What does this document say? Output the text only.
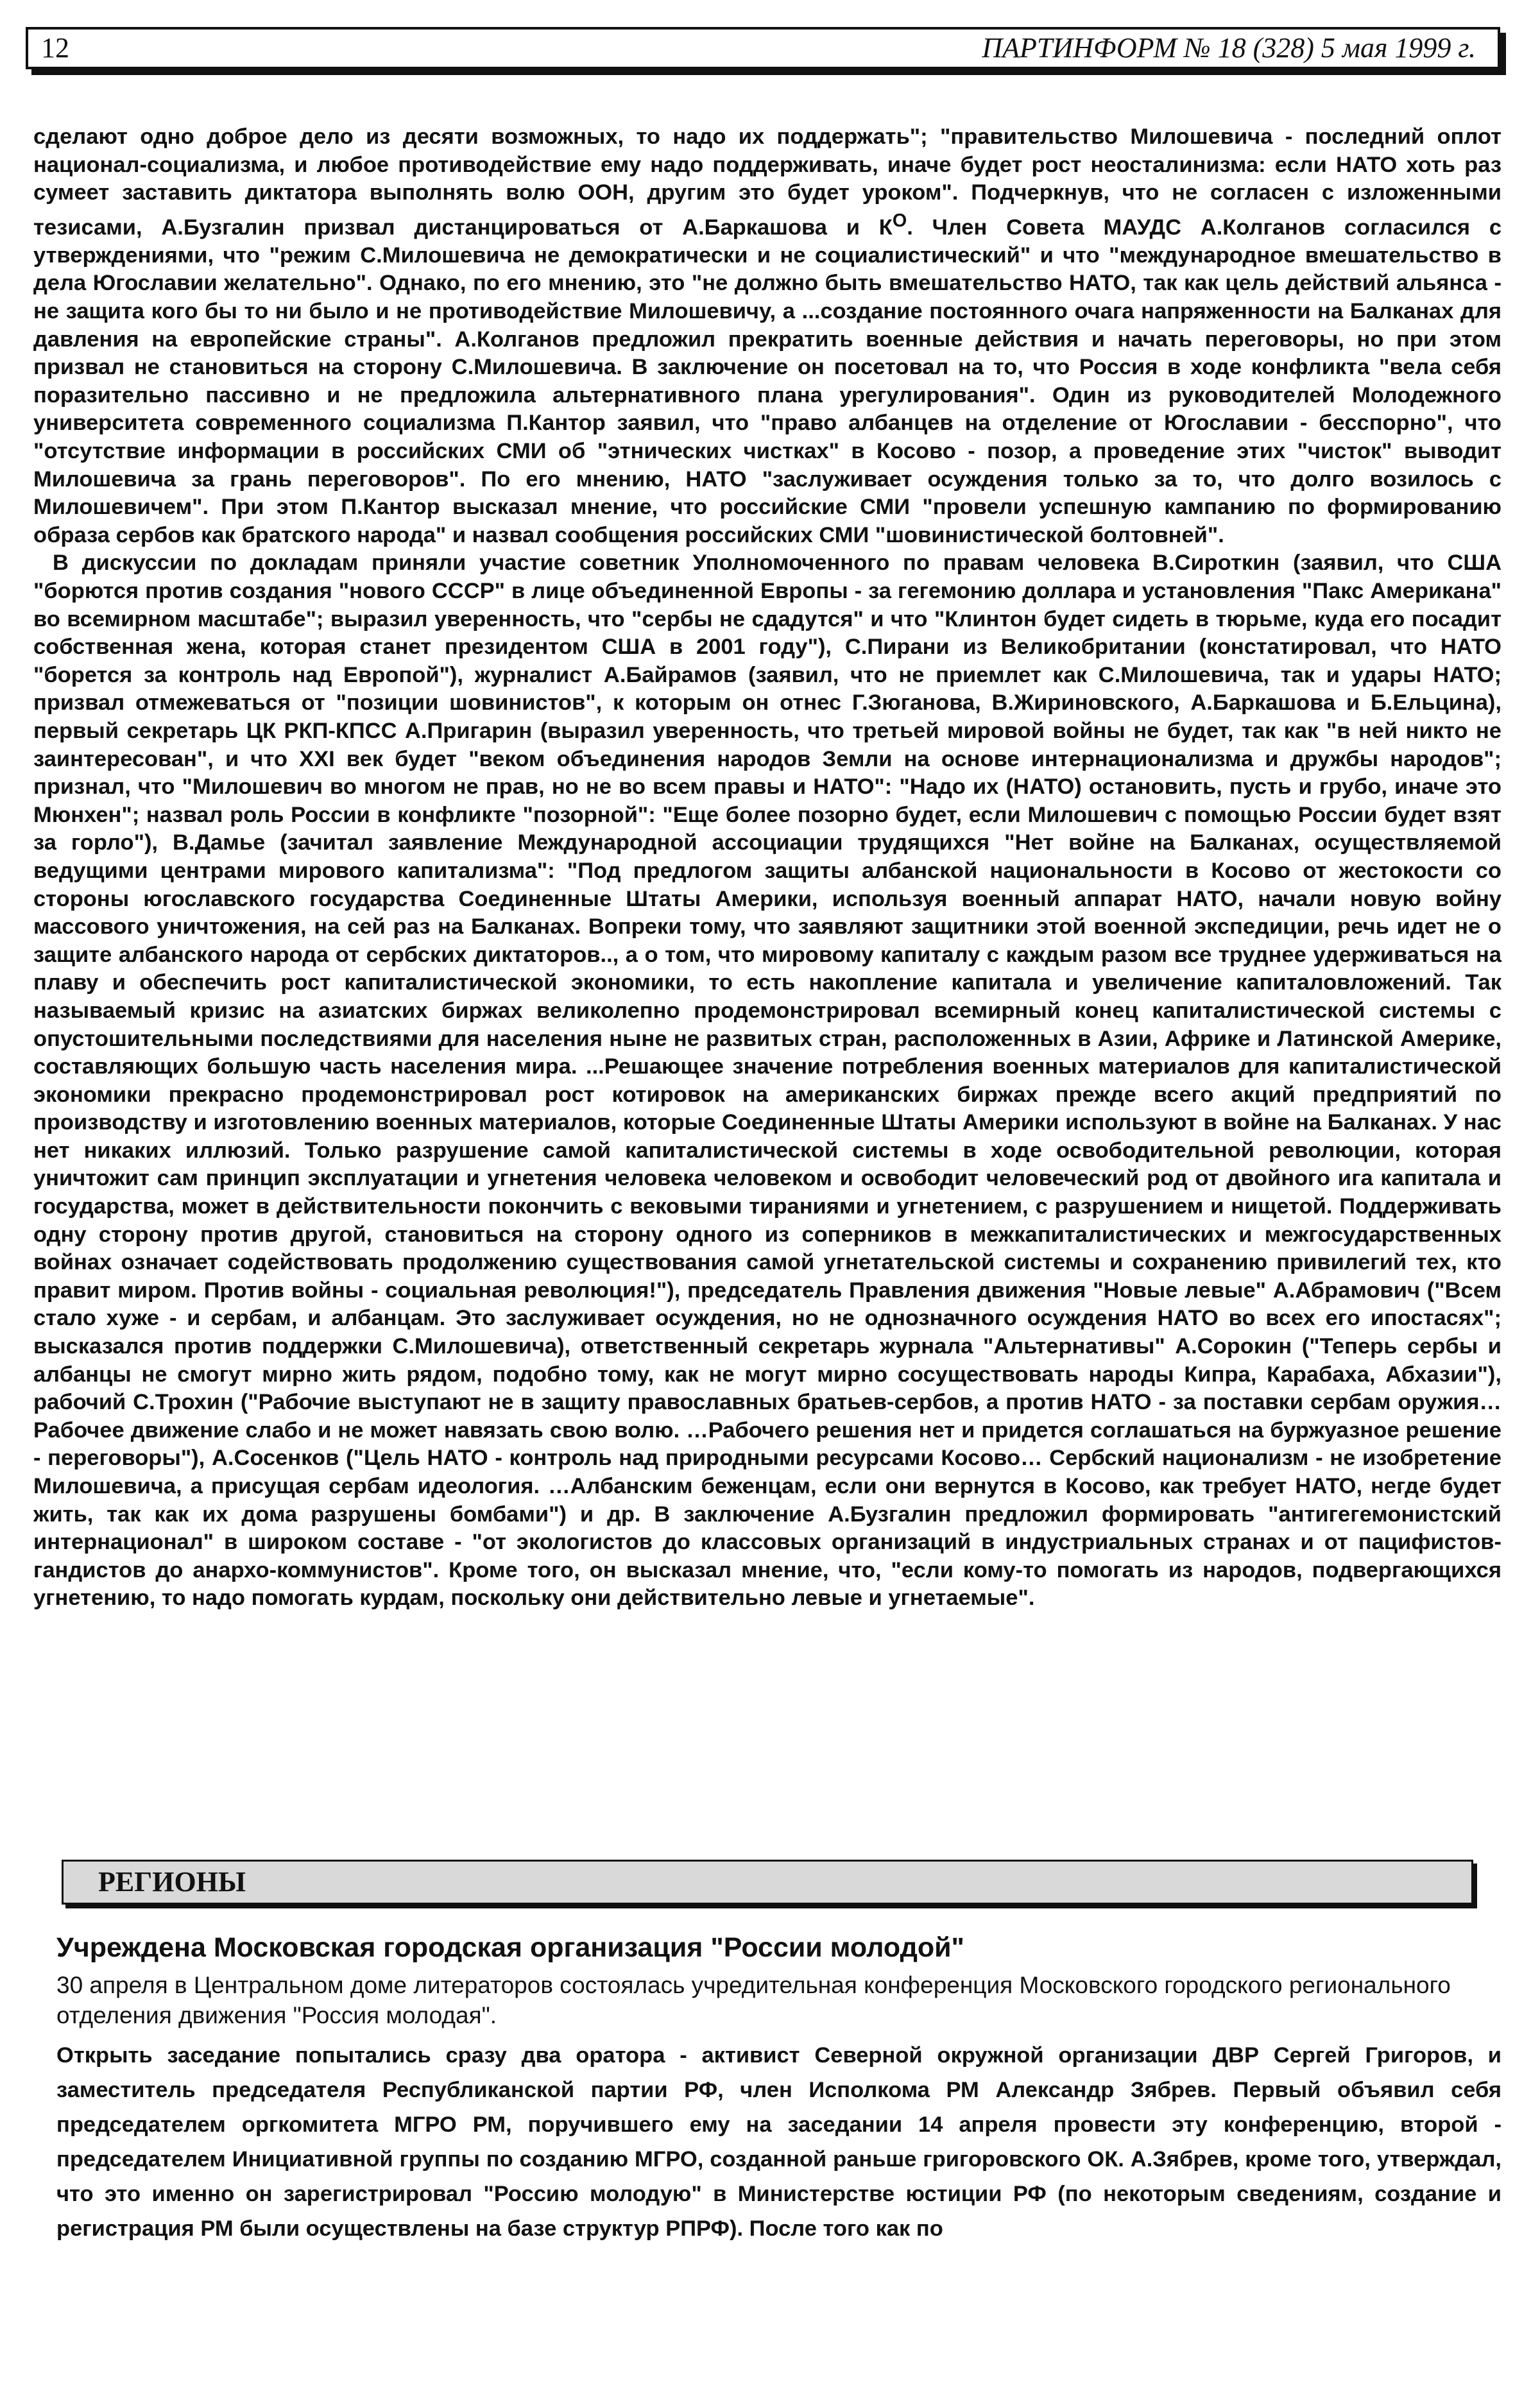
12	ПАРТИНФОРМ № 18 (328) 5 мая 1999 г.

сделают одно доброе дело из десяти возможных, то надо их поддержать"; "правительство Милошевича - последний оплот национал-социализма, и любое противодействие ему надо поддерживать, иначе будет рост неосталинизма: если НАТО хоть раз сумеет заставить диктатора выполнять волю ООН, другим это будет уроком". Подчеркнув, что не согласен с изложенными тезисами, А.Бузгалин призвал дистанцироваться от А.Баркашова и $К^О$. Член Совета МАУДС А.Колганов согласился с утверждениями, что "режим С.Милошевича не демократически и не социалистический" и что "международное вмешательство в дела Югославии желательно". Однако, по его мнению, это "не должно быть вмешательство НАТО, так как цель действий альянса - не защита кого бы то ни было и не противодействие Милошевичу, а ...создание постоянного очага напряженности на Балканах для давления на европейские страны". А.Колганов предложил прекратить военные действия и начать переговоры, но при этом призвал не становиться на сторону С.Милошевича. В заключение он посетовал на то, что Россия в ходе конфликта "вела себя поразительно пассивно и не предложила альтернативного плана урегулирования". Один из руководителей Молодежного университета современного социализма П.Кантор заявил, что "право албанцев на отделение от Югославии - бесспорно", что "отсутствие информации в российских СМИ об "этнических чистках" в Косово - позор, а проведение этих "чисток" выводит Милошевича за грань переговоров". По его мнению, НАТО "заслуживает осуждения только за то, что долго возилось с Милошевичем". При этом П.Кантор высказал мнение, что российские СМИ "провели успешную кампанию по формированию образа сербов как братского народа" и назвал сообщения российских СМИ "шовинистической болтовней".

В дискуссии по докладам приняли участие советник Уполномоченного по правам человека В.Сироткин (заявил, что США "борются против создания "нового СССР" в лице объединенной Европы - за гегемонию доллара и установления "Пакс Американа" во всемирном масштабе"; выразил уверенность, что "сербы не сдадутся" и что "Клинтон будет сидеть в тюрьме, куда его посадит собственная жена, которая станет президентом США в 2001 году"), С.Пирани из Великобритании (констатировал, что НАТО "борется за контроль над Европой"), журналист А.Байрамов (заявил, что не приемлет как С.Милошевича, так и удары НАТО; призвал отмежеваться от "позиции шовинистов", к которым он отнес Г.Зюганова, В.Жириновского, А.Баркашова и Б.Ельцина), первый секретарь ЦК РКП-КПСС А.Пригарин (выразил уверенность, что третьей мировой войны не будет, так как "в ней никто не заинтересован", и что XXI век будет "веком объединения народов Земли на основе интернационализма и дружбы народов"; признал, что "Милошевич во многом не прав, но не во всем правы и НАТО": "Надо их (НАТО) остановить, пусть и грубо, иначе это Мюнхен"; назвал роль России в конфликте "позорной": "Еще более позорно будет, если Милошевич с помощью России будет взят за горло"), В.Дамье (зачитал заявление Международной ассоциации трудящихся "Нет войне на Балканах, осуществляемой ведущими центрами мирового капитализма": "Под предлогом защиты албанской национальности в Косово от жестокости со стороны югославского государства Соединенные Штаты Америки, используя военный аппарат НАТО, начали новую войну массового уничтожения, на сей раз на Балканах. Вопреки тому, что заявляют защитники этой военной экспедиции, речь идет не о защите албанского народа от сербских диктаторов.., а о том, что мировому капиталу с каждым разом все труднее удерживаться на плаву и обеспечить рост капиталистической экономики, то есть накопление капитала и увеличение капиталовложений. Так называемый кризис на азиатских биржах великолепно продемонстрировал всемирный конец капиталистической системы с опустошительными последствиями для населения ныне не развитых стран, расположенных в Азии, Африке и Латинской Америке, составляющих большую часть населения мира. ...Решающее значение потребления военных материалов для капиталистической экономики прекрасно продемонстрировал рост котировок на американских биржах прежде всего акций предприятий по производству и изготовлению военных материалов, которые Соединенные Штаты Америки используют в войне на Балканах. У нас нет никаких иллюзий. Только разрушение самой капиталистической системы в ходе освободительной революции, которая уничтожит сам принцип эксплуатации и угнетения человека человеком и освободит человеческий род от двойного ига капитала и государства, может в действительности покончить с вековыми тираниями и угнетением, с разрушением и нищетой. Поддерживать одну сторону против другой, становиться на сторону одного из соперников в межкапиталистических и межгосударственных войнах означает содействовать продолжению существования самой угнетательской системы и сохранению привилегий тех, кто правит миром. Против войны - социальная революция!"), председатель Правления движения "Новые левые" А.Абрамович ("Всем стало хуже - и сербам, и албанцам. Это заслуживает осуждения, но не однозначного осуждения НАТО во всех его ипостасях"; высказался против поддержки С.Милошевича), ответственный секретарь журнала "Альтернативы" А.Сорокин ("Теперь сербы и албанцы не смогут мирно жить рядом, подобно тому, как не могут мирно сосуществовать народы Кипра, Карабаха, Абхазии"), рабочий С.Трохин ("Рабочие выступают не в защиту православных братьев-сербов, а против НАТО - за поставки сербам оружия… Рабочее движение слабо и не может навязать свою волю. …Рабочего решения нет и придется соглашаться на буржуазное решение - переговоры"), А.Сосенков ("Цель НАТО - контроль над природными ресурсами Косово… Сербский национализм - не изобретение Милошевича, а присущая сербам идеология. …Албанским беженцам, если они вернутся в Косово, как требует НАТО, негде будет жить, так как их дома разрушены бомбами") и др. В заключение А.Бузгалин предложил формировать "антигегемонистский интернационал" в широком составе - "от экологистов до классовых организаций в индустриальных странах и от пацифистов-гандистов до анархо-коммунистов". Кроме того, он высказал мнение, что, "если кому-то помогать из народов, подвергающихся угнетению, то надо помогать курдам, поскольку они действительно левые и угнетаемые".

РЕГИОНЫ
Учреждена Московская городская организация "России молодой"
30 апреля в Центральном доме литераторов состоялась учредительная конференция Московского городского регионального отделения движения "Россия молодая".
Открыть заседание попытались сразу два оратора - активист Северной окружной организации ДВР Сергей Григоров, и заместитель председателя Республиканской партии РФ, член Исполкома РМ Александр Зябрев. Первый объявил себя председателем оргкомитета МГРО РМ, поручившего ему на заседании 14 апреля провести эту конференцию, второй - председателем Инициативной группы по созданию МГРО, созданной раньше григоровского ОК. А.Зябрев, кроме того, утверждал, что это именно он зарегистрировал "Россию молодую" в Министерстве юстиции РФ (по некоторым сведениям, создание и регистрация РМ были осуществлены на базе структур РПРФ). После того как по
